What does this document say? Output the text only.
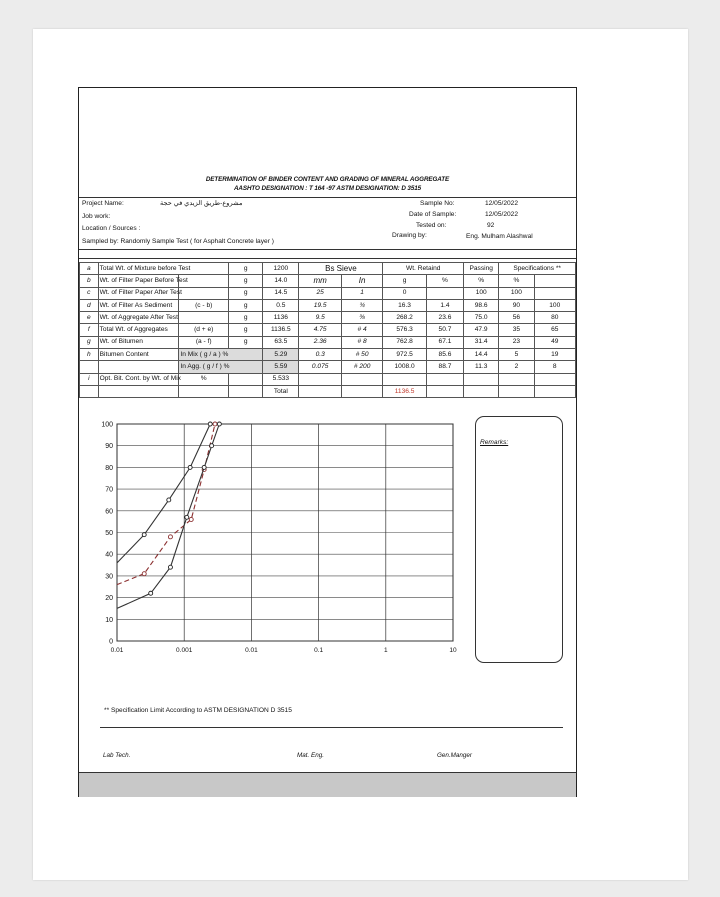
DETERMINATION OF BINDER CONTENT AND GRADING OF MINERAL AGGREGATE
AASHTO DESIGNATION : T 164 -97 ASTM DESIGNATION: D 3515
Project Name:	مشروع-طريق الزيدي في حجة
Job work:
Location / Sources :
Sampled by: Randomly Sample Test ( for Asphalt Concrete layer )
Sample No:	12/05/2022
Date of Sample:	12/05/2022
Tested on:	92
Drawing by:	Eng. Mulham Alashwal
a	Total Wt. of Mixture before Test		g	1200	Bs Sieve		Wt. Retaind		Passing	Specifications **	
b	Wt. of Filter Paper Before Test		g	14.0	mm	In	g	%	%	%	
c	Wt. of Filter Paper After Test		g	14.5	25	1	0		100	100	
d	Wt. of Filter As Sediment	(c - b)	g	0.5	19.5	¾	16.3	1.4	98.6	90	100
e	Wt. of Aggregate After Test		g	1136	9.5	⅜	268.2	23.6	75.0	56	80
f	Total Wt. of Aggregates	(d + e)	g	1136.5	4.75	# 4	576.3	50.7	47.9	35	65
g	Wt. of Bitumen	(a - f)	g	63.5	2.36	# 8	762.8	67.1	31.4	23	49
h	Bitumen Content	In Mix ( g / a ) %		5.29	0.3	# 50	972.5	85.6	14.4	5	19
		In Agg. ( g / f ) %		5.59	0.075	# 200	1008.0	88.7	11.3	2	8
i	Opt. Bit. Cont. by Wt. of Mix	%		5.533							
				Total			1136.5				
0
10
20
30
40
50
60
70
80
90
100
0.01	0.001	0.01	0.1	1	10
Remarks:
** Specification Limit According to ASTM DESIGNATION D 3515
Lab Tech.	Mat. Eng.	Gen.Manger
